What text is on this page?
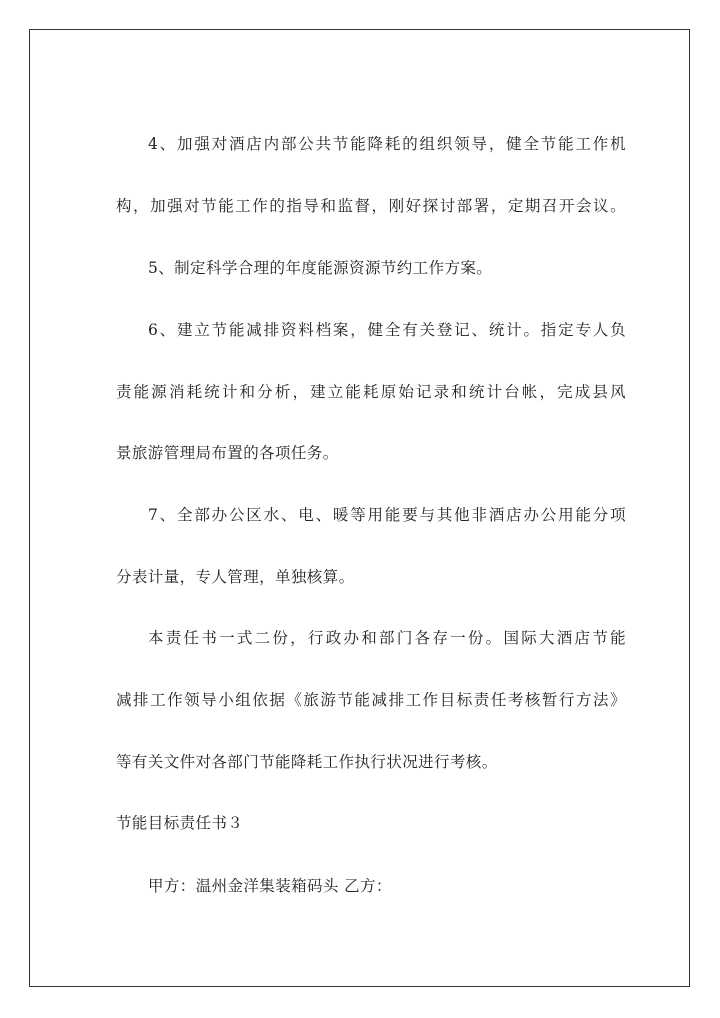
4、加强对酒店内部公共节能降耗的组织领导，健全节能工作机
构，加强对节能工作的指导和监督，刚好探讨部署，定期召开会议。
5、制定科学合理的年度能源资源节约工作方案。
6、建立节能减排资料档案，健全有关登记、统计。指定专人负
责能源消耗统计和分析，建立能耗原始记录和统计台帐，完成县风
景旅游管理局布置的各项任务。
7、全部办公区水、电、暖等用能要与其他非酒店办公用能分项
分表计量，专人管理，单独核算。
本责任书一式二份，行政办和部门各存一份。国际大酒店节能
减排工作领导小组依据《旅游节能减排工作目标责任考核暂行方法》
等有关文件对各部门节能降耗工作执行状况进行考核。
节能目标责任书３
甲方：温州金洋集装箱码头 乙方：
